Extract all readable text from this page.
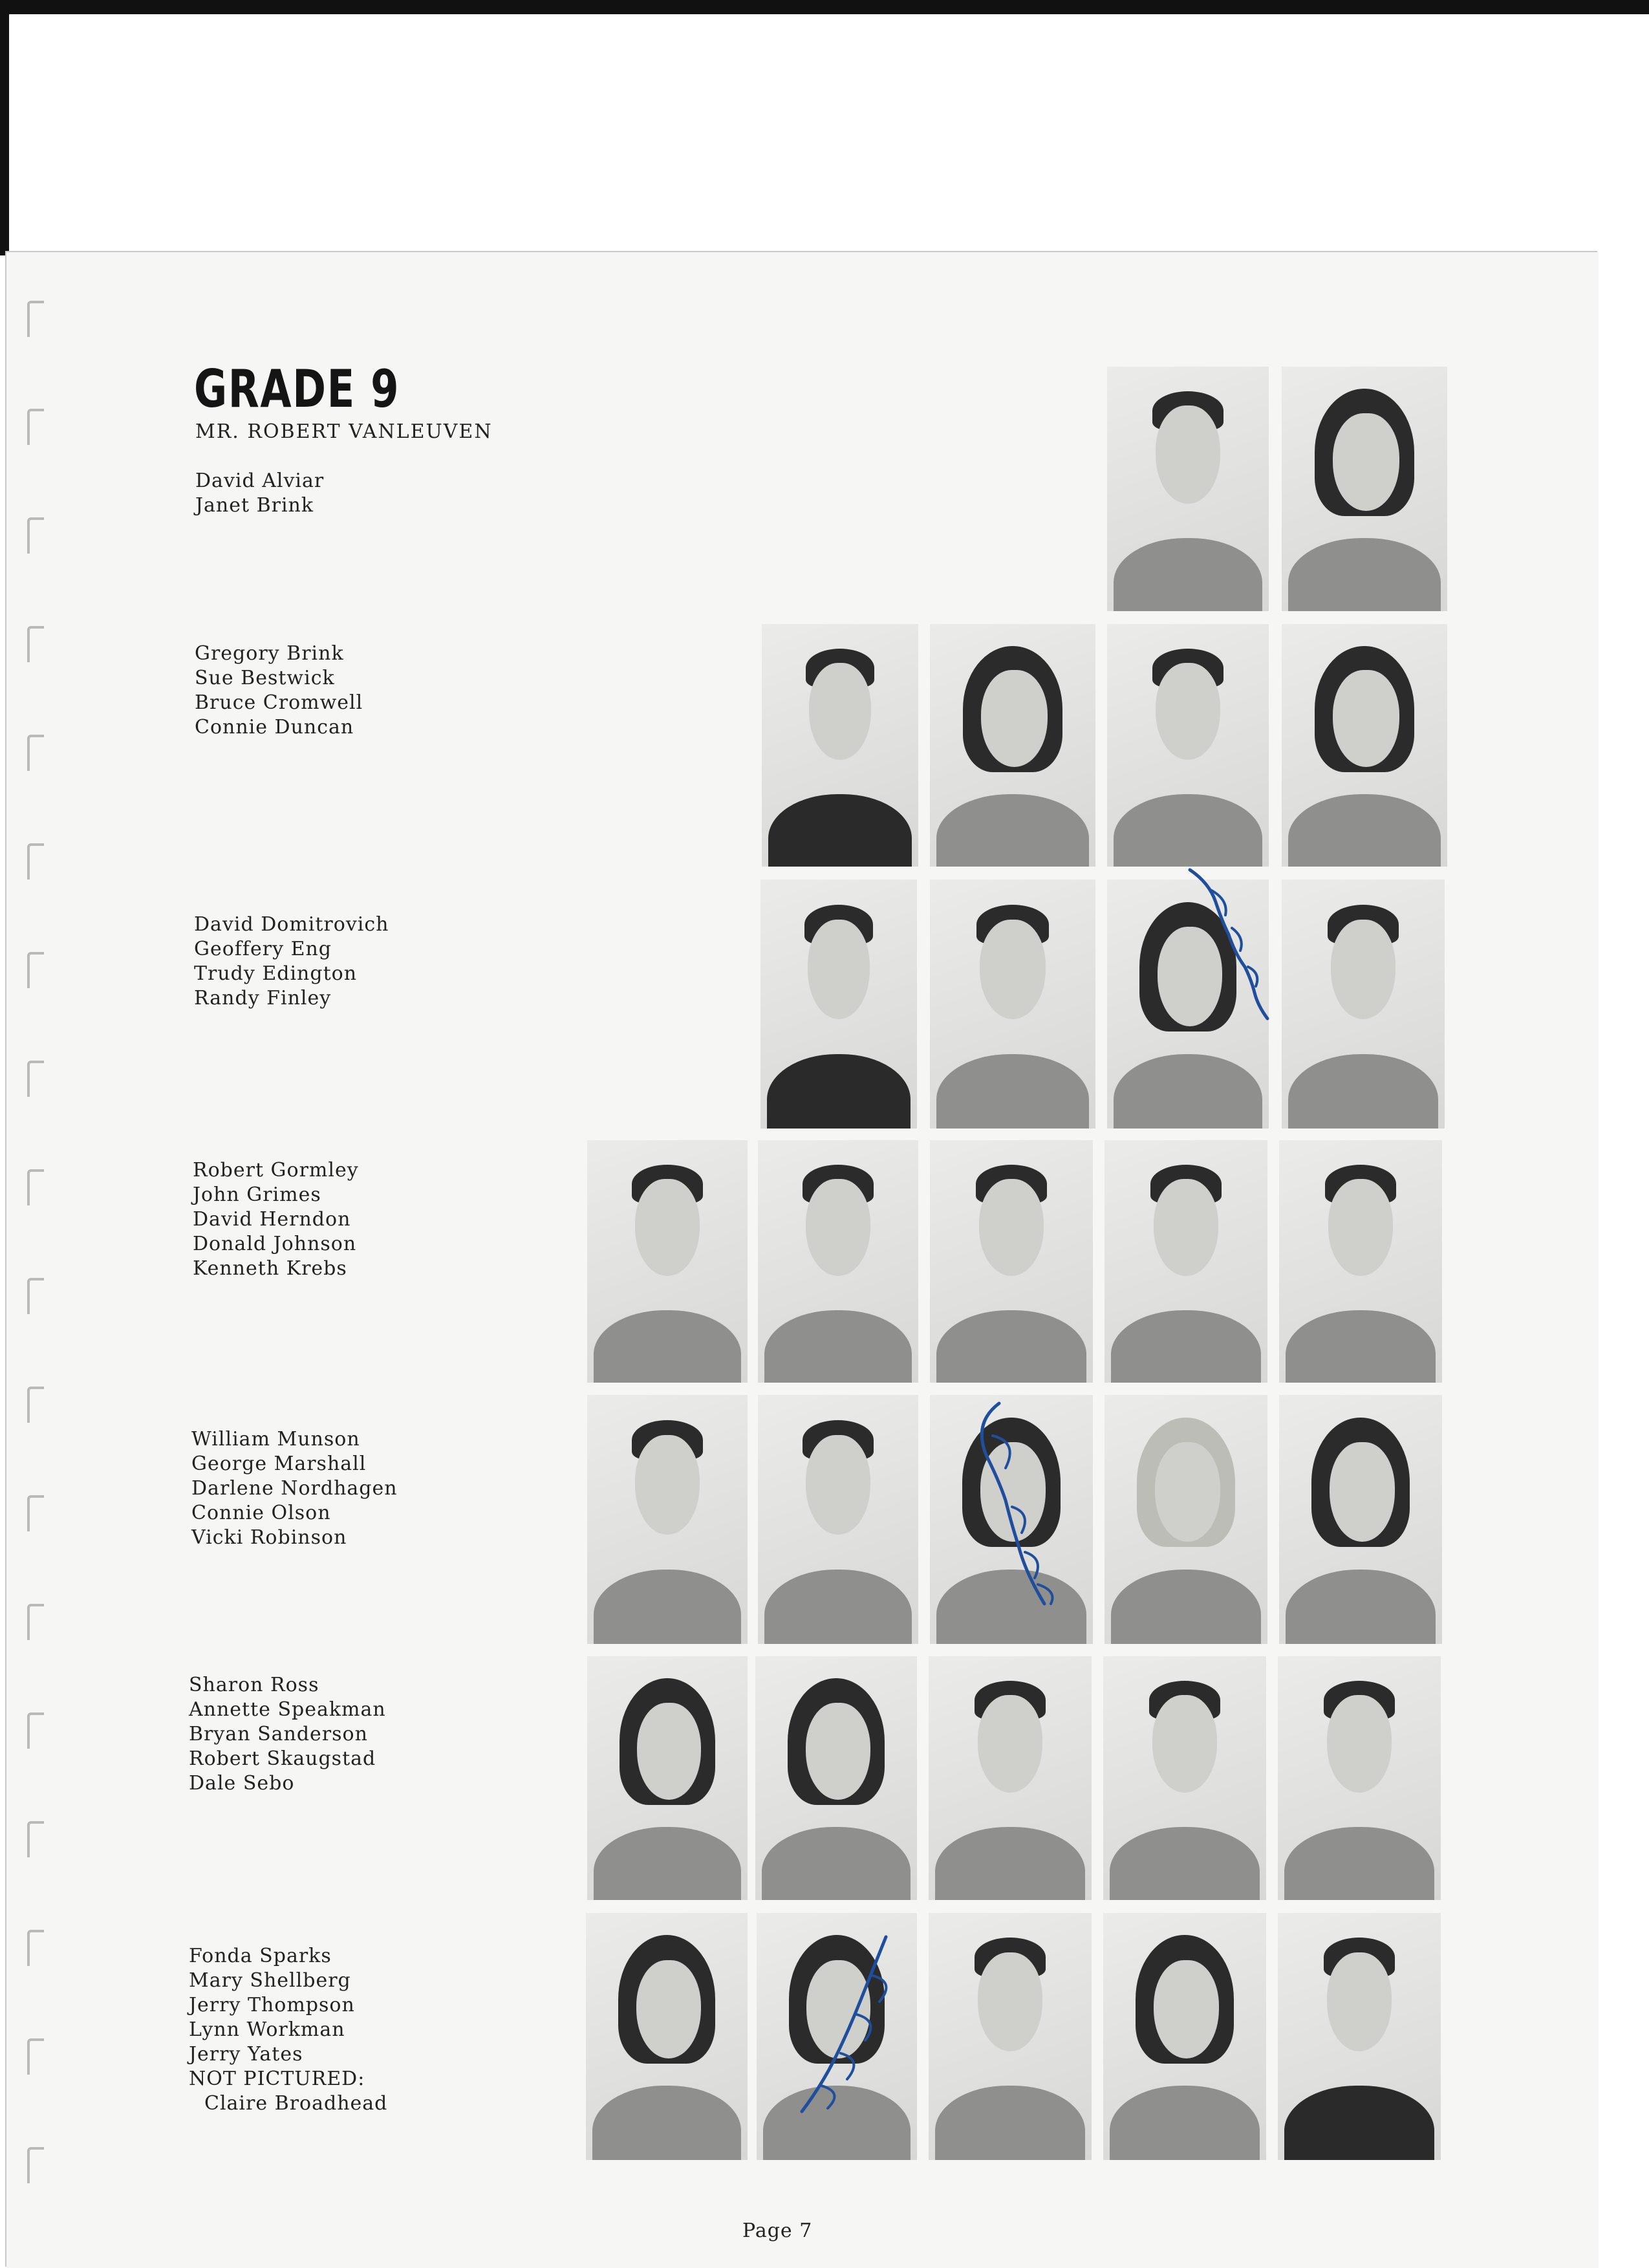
GRADE 9
MR. ROBERT VANLEUVEN
David Alviar
Janet Brink
Gregory Brink
Sue Bestwick
Bruce Cromwell
Connie Duncan
David Domitrovich
Geoffery Eng
Trudy Edington
Randy Finley
Robert Gormley
John Grimes
David Herndon
Donald Johnson
Kenneth Krebs
William Munson
George Marshall
Darlene Nordhagen
Connie Olson
Vicki Robinson
Sharon Ross
Annette Speakman
Bryan Sanderson
Robert Skaugstad
Dale Sebo
Fonda Sparks
Mary Shellberg
Jerry Thompson
Lynn Workman
Jerry Yates
NOT PICTURED:
Claire Broadhead
Page 7
